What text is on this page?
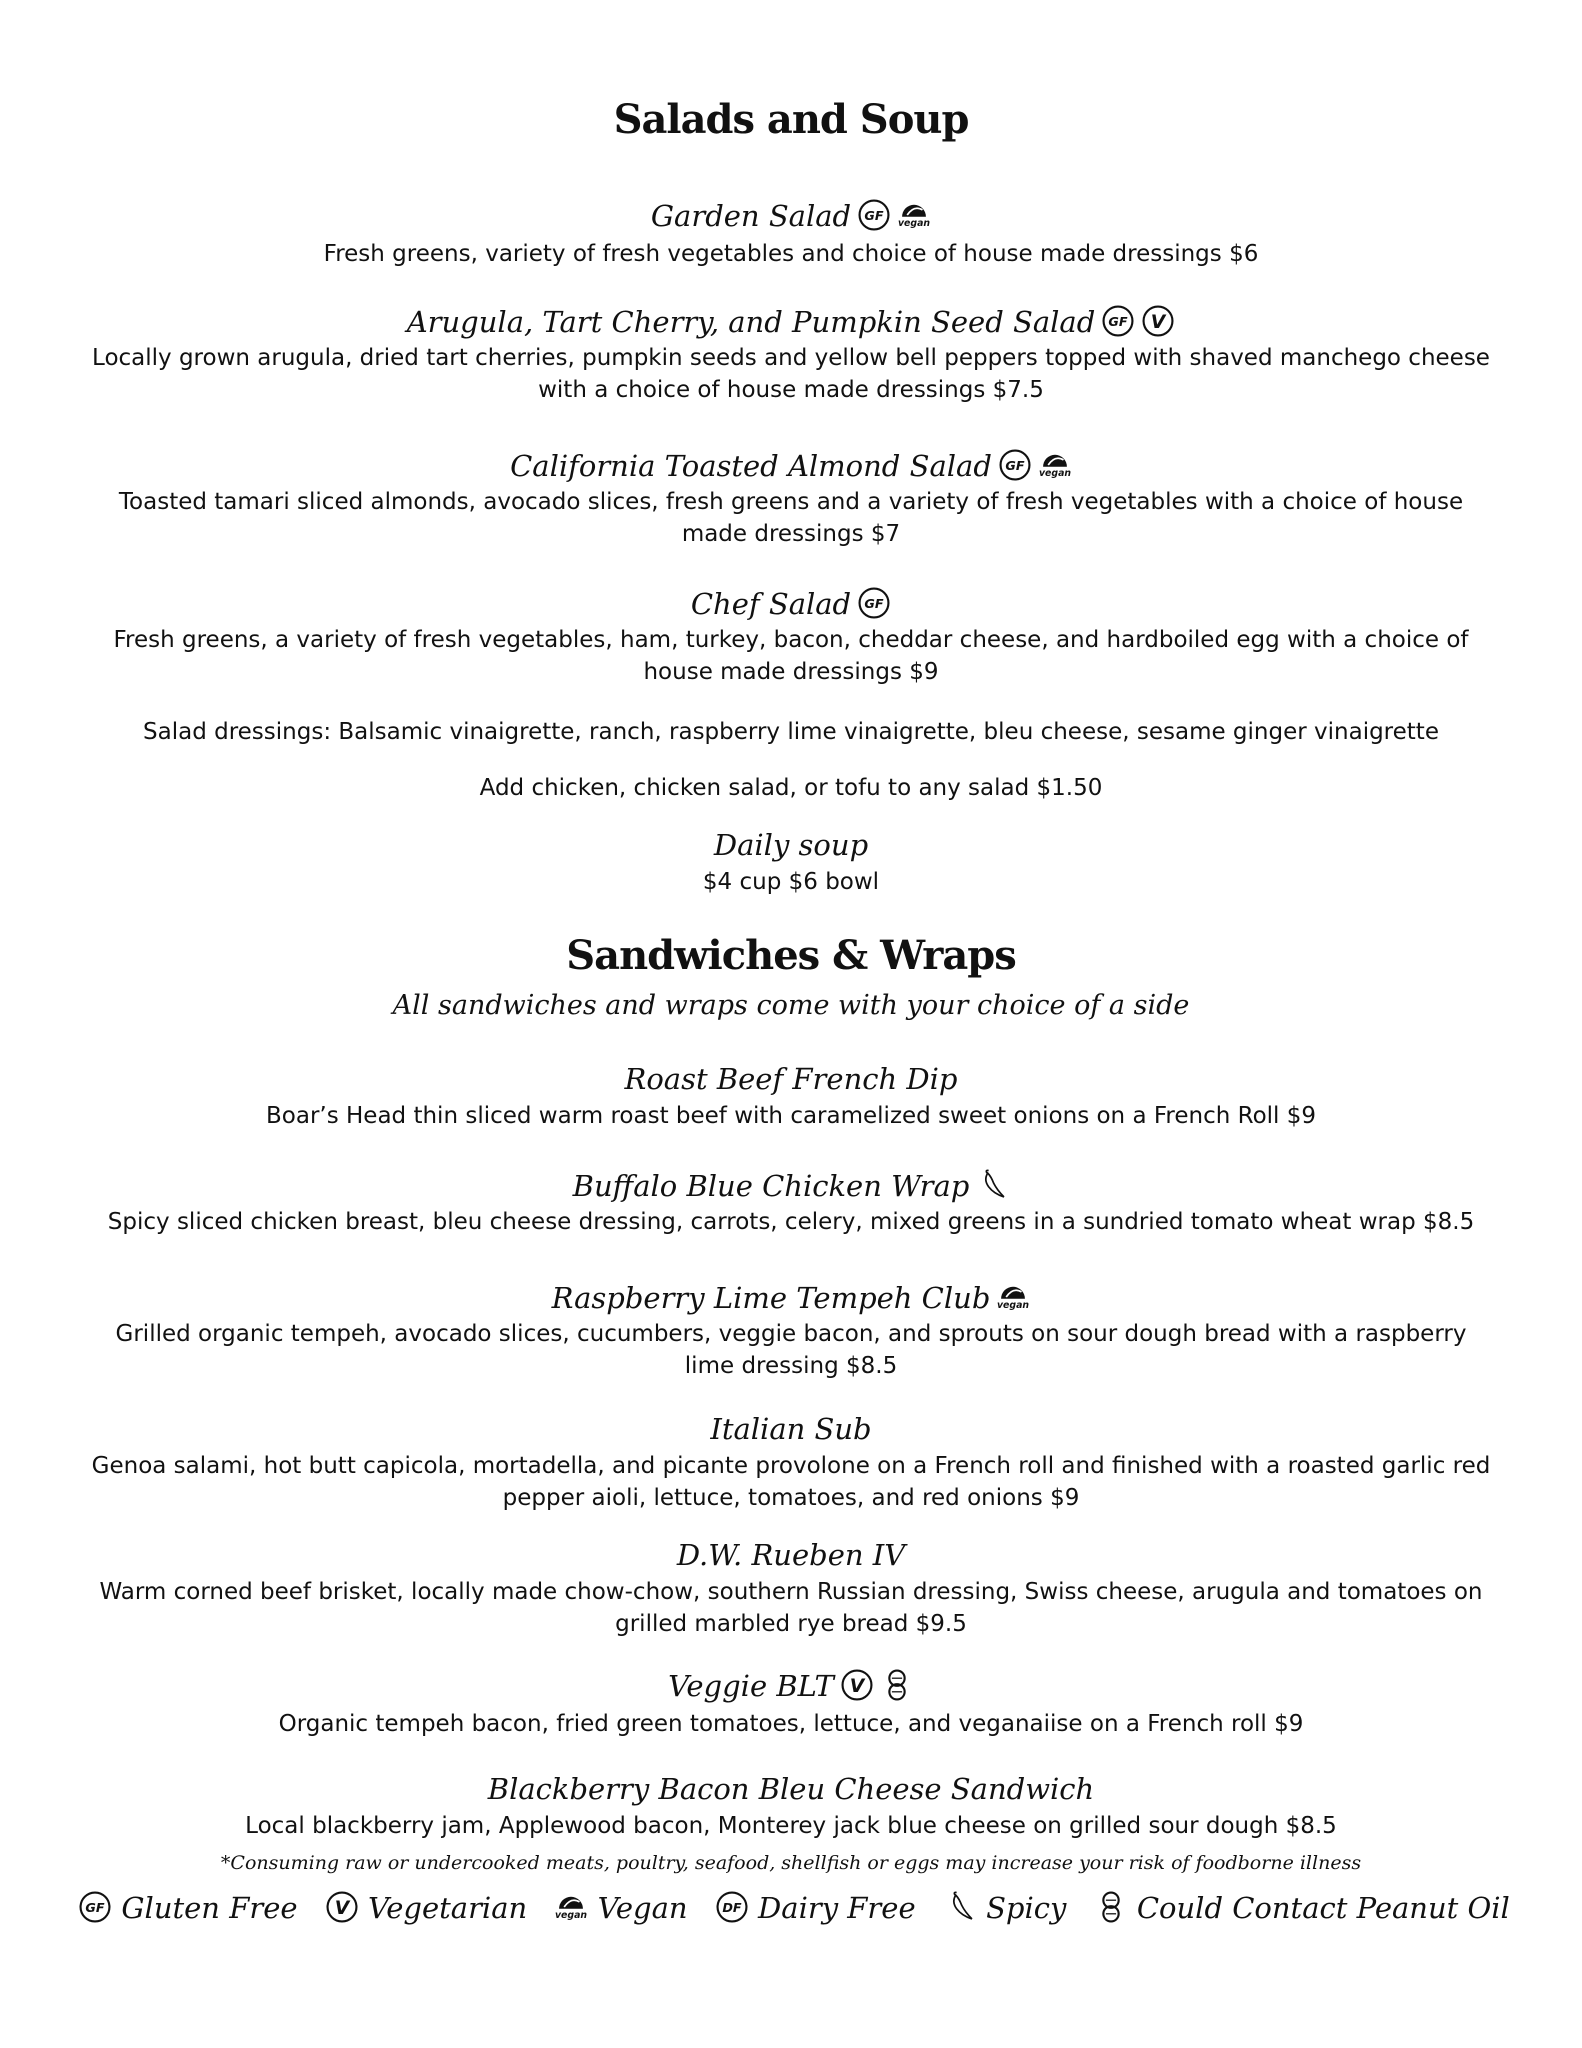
Salads and Soup

Garden Salad GF vegan

Fresh greens, variety of fresh vegetables and choice of house made dressings $6

Arugula, Tart Cherry, and Pumpkin Seed Salad GF V

Locally grown arugula, dried tart cherries, pumpkin seeds and yellow bell peppers topped with shaved manchego cheese with a choice of house made dressings $7.5

California Toasted Almond Salad GF vegan

Toasted tamari sliced almonds, avocado slices, fresh greens and a variety of fresh vegetables with a choice of house made dressings $7

Chef Salad GF

Fresh greens, a variety of fresh vegetables, ham, turkey, bacon, cheddar cheese, and hardboiled egg with a choice of house made dressings $9

Salad dressings: Balsamic vinaigrette, ranch, raspberry lime vinaigrette, bleu cheese, sesame ginger vinaigrette

Add chicken, chicken salad, or tofu to any salad $1.50

Daily soup

$4 cup $6 bowl

Sandwiches & Wraps

All sandwiches and wraps come with your choice of a side

Roast Beef French Dip

Boar’s Head thin sliced warm roast beef with caramelized sweet onions on a French Roll $9

Buffalo Blue Chicken Wrap

Spicy sliced chicken breast, bleu cheese dressing, carrots, celery, mixed greens in a sundried tomato wheat wrap $8.5

Raspberry Lime Tempeh Club vegan

Grilled organic tempeh, avocado slices, cucumbers, veggie bacon, and sprouts on sour dough bread with a raspberry lime dressing $8.5

Italian Sub

Genoa salami, hot butt capicola, mortadella, and picante provolone on a French roll and finished with a roasted garlic red pepper aioli, lettuce, tomatoes, and red onions $9

D.W. Rueben IV

Warm corned beef brisket, locally made chow-chow, southern Russian dressing, Swiss cheese, arugula and tomatoes on grilled marbled rye bread $9.5

Veggie BLT V

Organic tempeh bacon, fried green tomatoes, lettuce, and veganaiise on a French roll $9

Blackberry Bacon Bleu Cheese Sandwich

Local blackberry jam, Applewood bacon, Monterey jack blue cheese on grilled sour dough $8.5

*Consuming raw or undercooked meats, poultry, seafood, shellfish or eggs may increase your risk of foodborne illness

GF Gluten Free V Vegetarian	vegan Vegan DF Dairy Free Spicy Could Contact Peanut Oil
